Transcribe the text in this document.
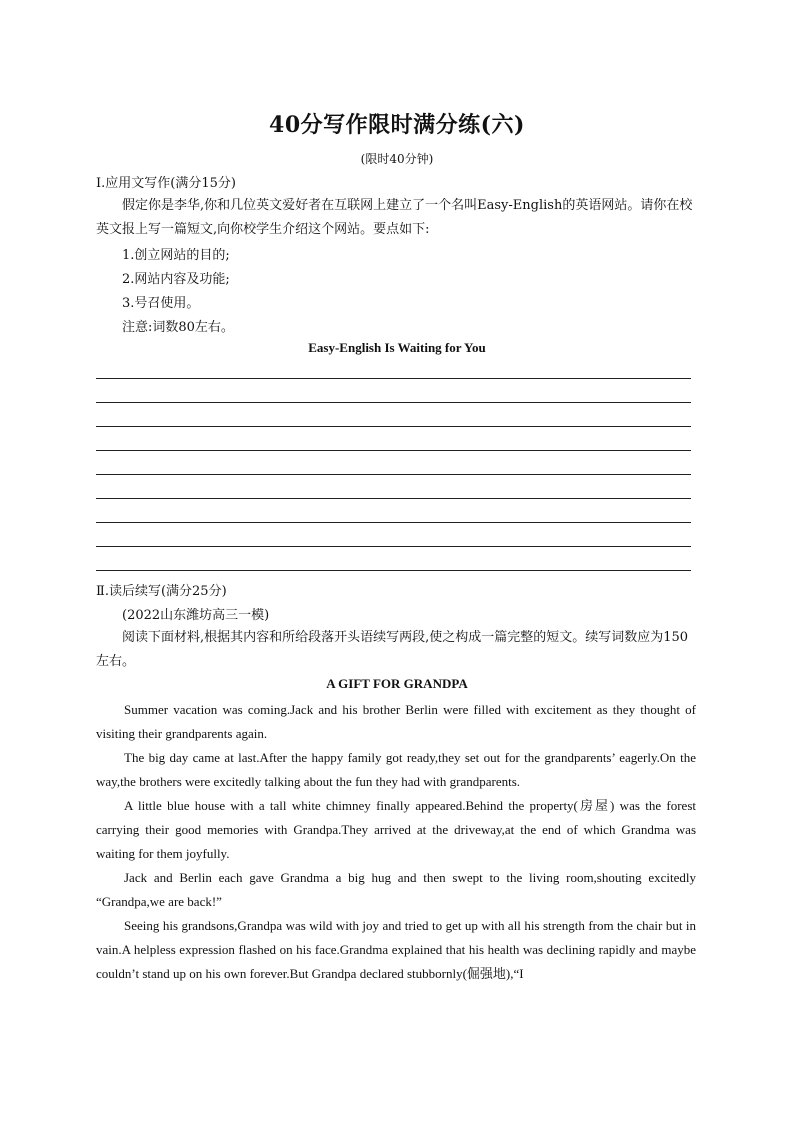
40分写作限时满分练(六)
(限时40分钟)
Ⅰ.应用文写作(满分15分)
假定你是李华,你和几位英文爱好者在互联网上建立了一个名叫Easy-English的英语网站。请你在校英文报上写一篇短文,向你校学生介绍这个网站。要点如下:
1.创立网站的目的;
2.网站内容及功能;
3.号召使用。
注意:词数80左右。
Easy-English Is Waiting for You
Ⅱ.读后续写(满分25分)
(2022山东潍坊高三一模)
阅读下面材料,根据其内容和所给段落开头语续写两段,使之构成一篇完整的短文。续写词数应为150左右。
A GIFT FOR GRANDPA

Summer vacation was coming.Jack and his brother Berlin were filled with excitement as they thought of visiting their grandparents again.

The big day came at last.After the happy family got ready,they set out for the grandparents’ eagerly.On the way,the brothers were excitedly talking about the fun they had with grandparents.

A little blue house with a tall white chimney finally appeared.Behind the property(房屋) was the forest carrying their good memories with Grandpa.They arrived at the driveway,at the end of which Grandma was waiting for them joyfully.

Jack and Berlin each gave Grandma a big hug and then swept to the living room,shouting excitedly “Grandpa,we are back!”

Seeing his grandsons,Grandpa was wild with joy and tried to get up with all his strength from the chair but in vain.A helpless expression flashed on his face.Grandma explained that his health was declining rapidly and maybe couldn’t stand up on his own forever.But Grandpa declared stubbornly(倔强地),“I
